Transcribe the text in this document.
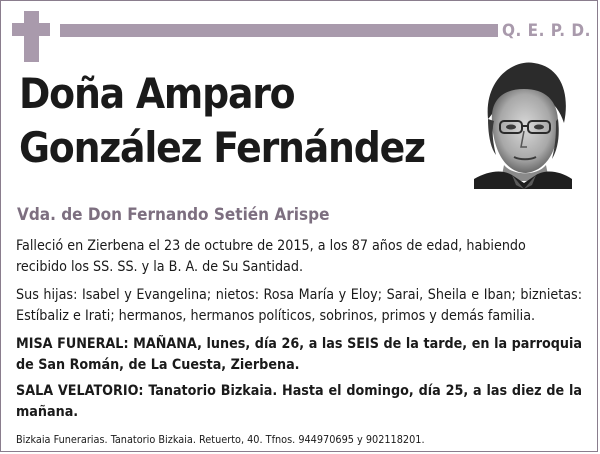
Q. E. P. D.
Doña Amparo
González Fernández
Vda. de Don Fernando Setién Arispe
Falleció en Zierbena el 23 de octubre de 2015, a los 87 años de edad, habiendo
recibido los SS. SS. y la B. A. de Su Santidad.
Sus hijas: Isabel y Evangelina; nietos: Rosa María y Eloy; Sarai, Sheila e Iban; biznietas:
Estíbaliz e Irati; hermanos, hermanos políticos, sobrinos, primos y demás familia.
MISA FUNERAL: MAÑANA, lunes, día 26, a las SEIS de la tarde, en la parroquia
de San Román, de La Cuesta, Zierbena.
SALA VELATORIO: Tanatorio Bizkaia. Hasta el domingo, día 25, a las diez de la
mañana.
Bizkaia Funerarias. Tanatorio Bizkaia. Retuerto, 40. Tfnos. 944970695 y 902118201.
